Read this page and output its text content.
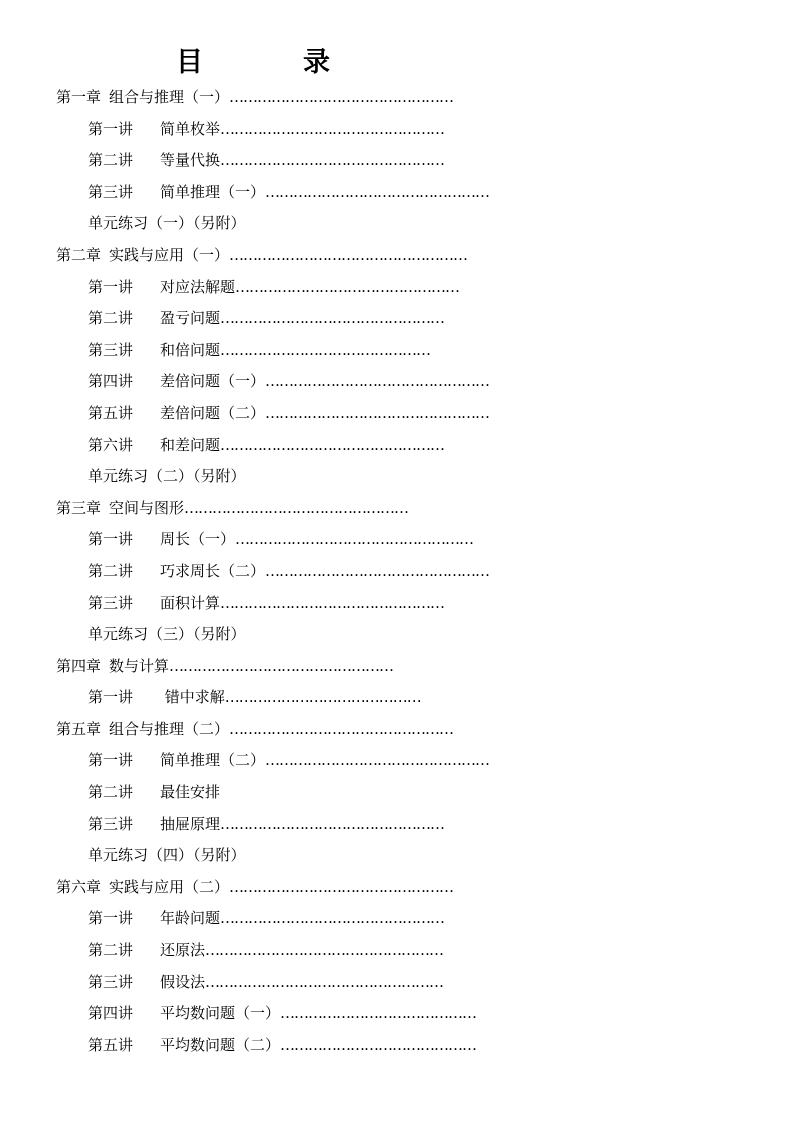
目	录
第一章 组合与推理（一）…………………………………………
第一讲 简单枚举…………………………………………
第二讲 等量代换…………………………………………
第三讲 简单推理（一）…………………………………………
单元练习（一）（另附）
第二章 实践与应用（一）……………………………………………
第一讲 对应法解题…………………………………………
第二讲 盈亏问题…………………………………………
第三讲 和倍问题………………………………………
第四讲 差倍问题（一）…………………………………………
第五讲 差倍问题（二）…………………………………………
第六讲 和差问题…………………………………………
单元练习（二）（另附）
第三章 空间与图形…………………………………………
第一讲 周长（一）……………………………………………
第二讲 巧求周长（二）…………………………………………
第三讲 面积计算…………………………………………
单元练习（三）（另附）
第四章 数与计算…………………………………………
第一讲 错中求解……………………………………
第五章 组合与推理（二）…………………………………………
第一讲 简单推理（二）…………………………………………
第二讲 最佳安排
第三讲 抽屉原理…………………………………………
单元练习（四）（另附）
第六章 实践与应用（二）…………………………………………
第一讲 年龄问题…………………………………………
第二讲 还原法……………………………………………
第三讲 假设法……………………………………………
第四讲 平均数问题（一）……………………………………
第五讲 平均数问题（二）……………………………………
